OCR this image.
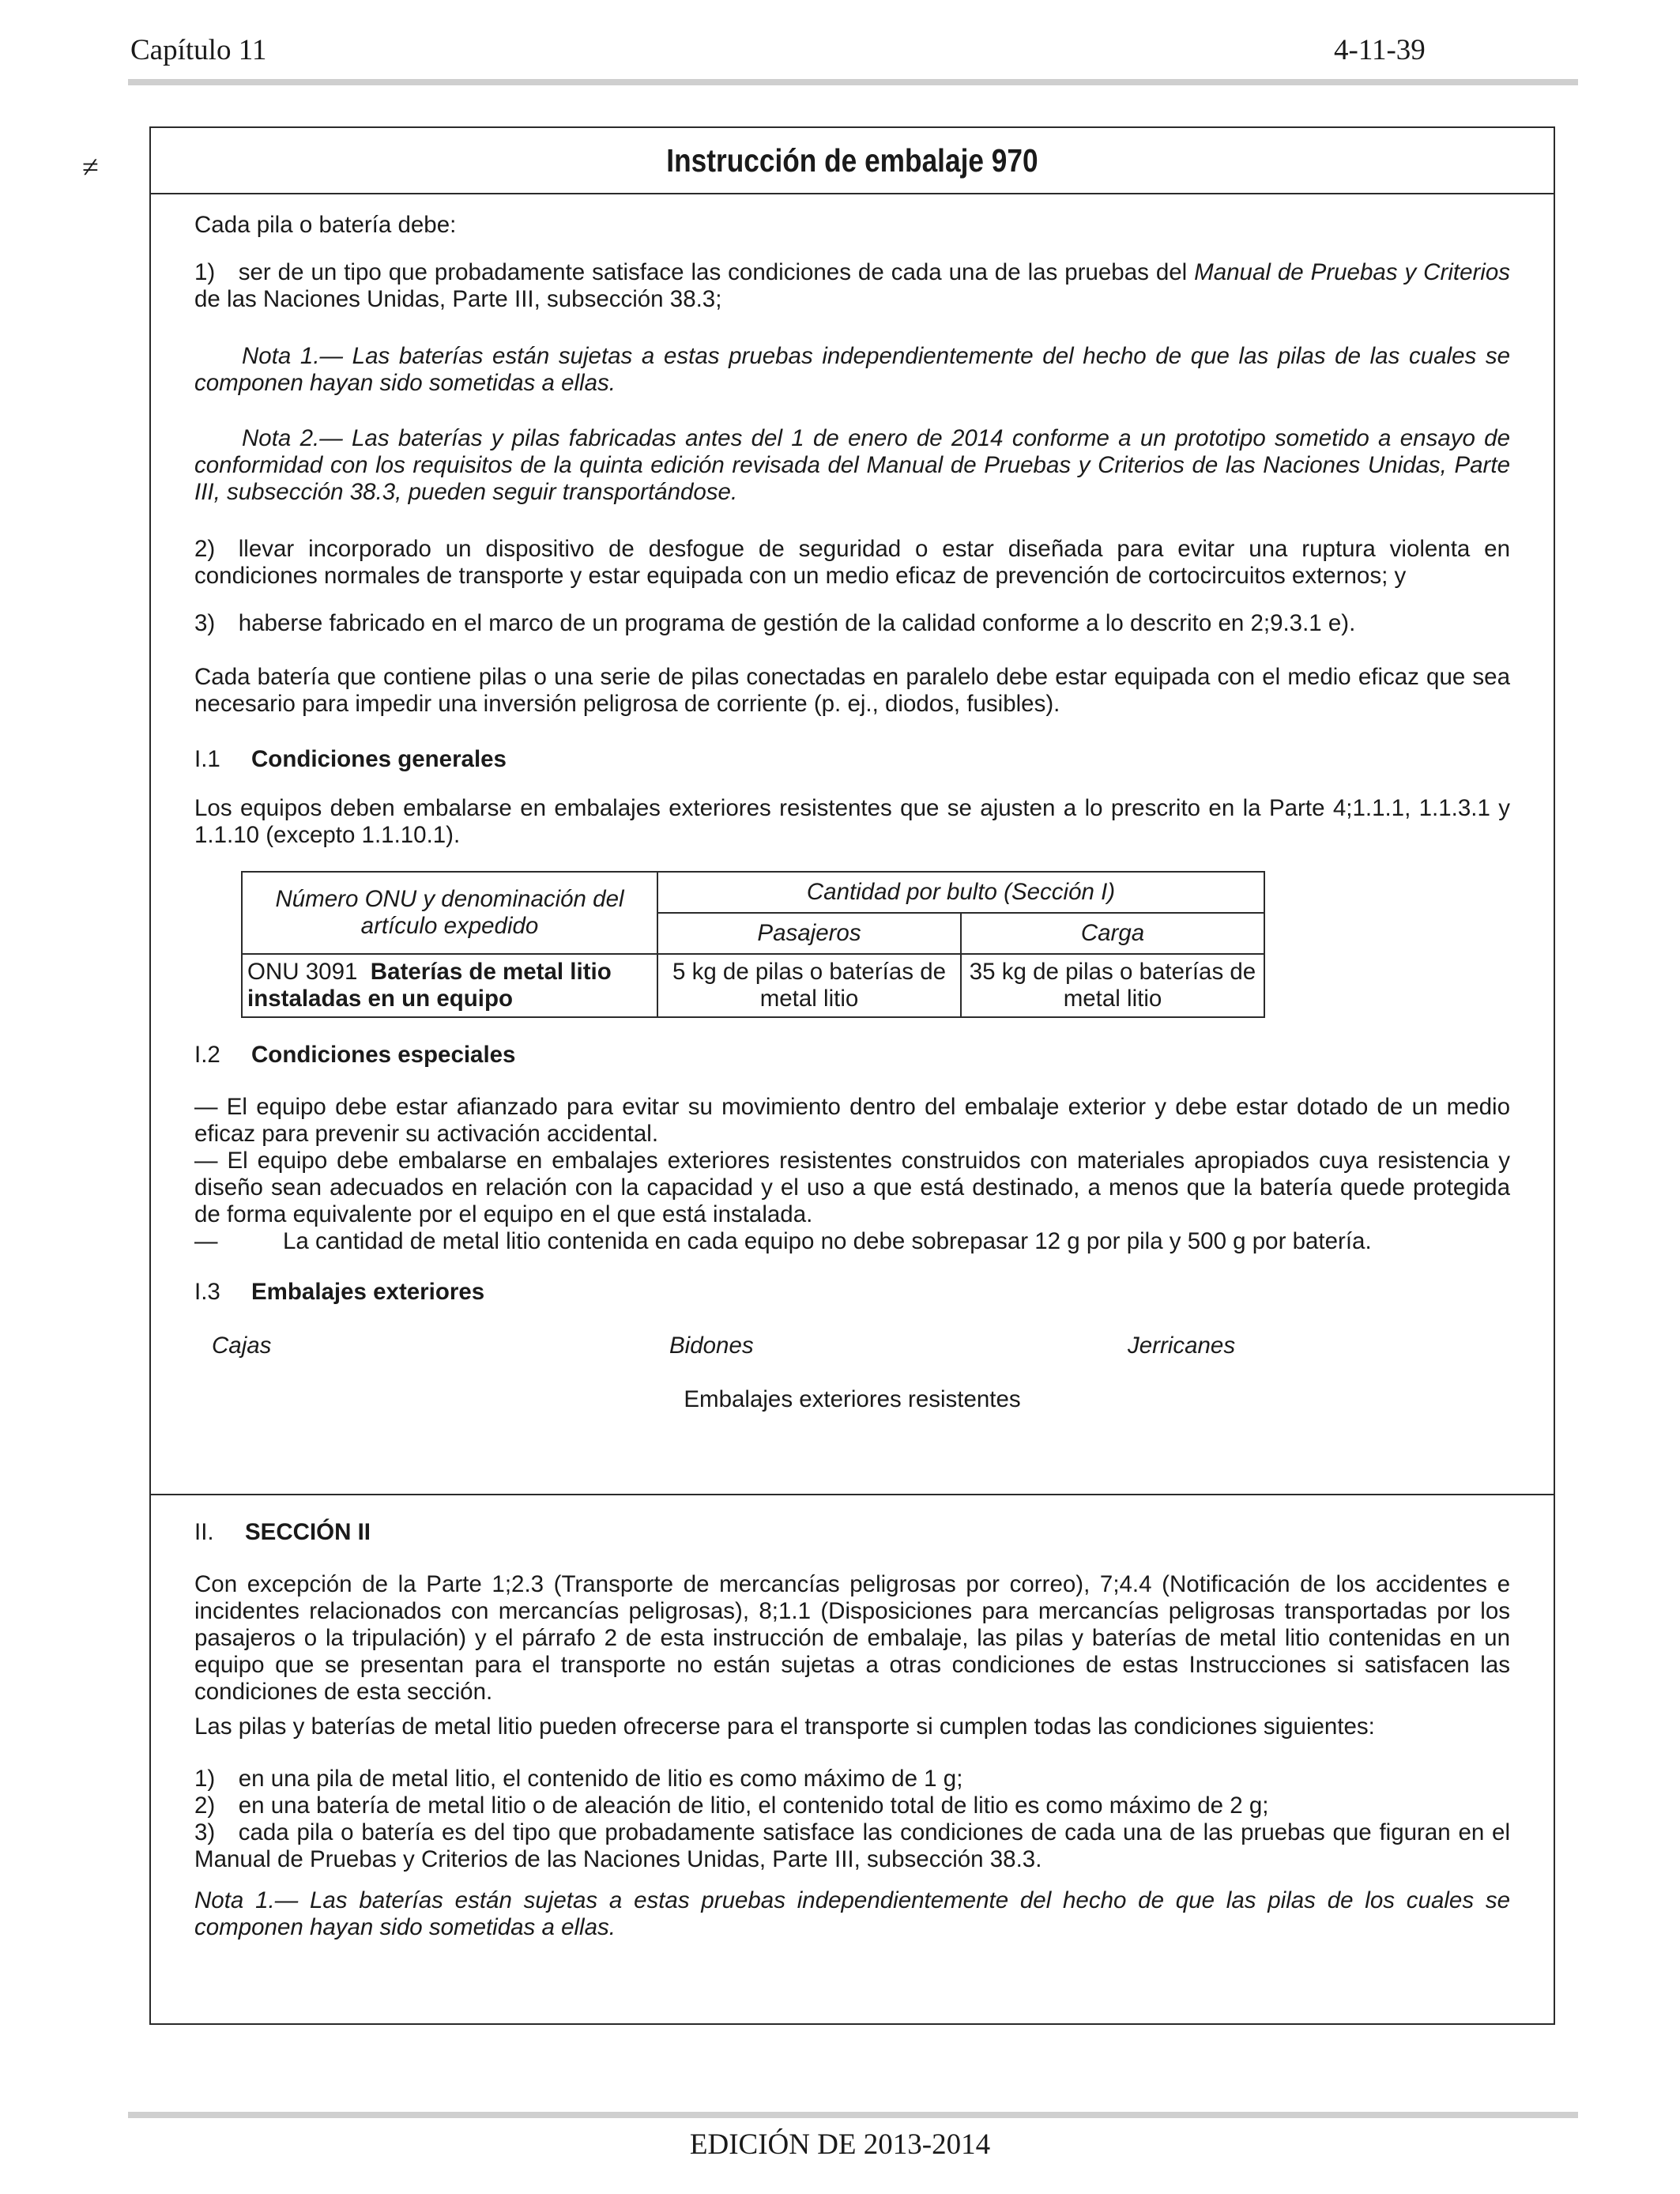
Capítulo 11	4-11-39
≠	Instrucción de embalaje 970

Cada pila o batería debe:

1) ser de un tipo que probadamente satisface las condiciones de cada una de las pruebas del Manual de Pruebas y Criterios de las Naciones Unidas, Parte III, subsección 38.3;

Nota 1.— Las baterías están sujetas a estas pruebas independientemente del hecho de que las pilas de las cuales se componen hayan sido sometidas a ellas.

Nota 2.— Las baterías y pilas fabricadas antes del 1 de enero de 2014 conforme a un prototipo sometido a ensayo de conformidad con los requisitos de la quinta edición revisada del Manual de Pruebas y Criterios de las Naciones Unidas, Parte III, subsección 38.3, pueden seguir transportándose.

2) llevar incorporado un dispositivo de desfogue de seguridad o estar diseñada para evitar una ruptura violenta en condiciones normales de transporte y estar equipada con un medio eficaz de prevención de cortocircuitos externos; y

3) haberse fabricado en el marco de un programa de gestión de la calidad conforme a lo descrito en 2;9.3.1 e).

Cada batería que contiene pilas o una serie de pilas conectadas en paralelo debe estar equipada con el medio eficaz que sea necesario para impedir una inversión peligrosa de corriente (p. ej., diodos, fusibles).

I.1 Condiciones generales

Los equipos deben embalarse en embalajes exteriores resistentes que se ajusten a lo prescrito en la Parte 4;1.1.1, 1.1.3.1 y 1.1.10 (excepto 1.1.10.1).

Número ONU y denominación del artículo expedido	Cantidad por bulto (Sección I)	
	Pasajeros	Carga
ONU 3091 Baterías de metal litio instaladas en un equipo	5 kg de pilas o baterías de metal litio	35 kg de pilas o baterías de metal litio

I.2 Condiciones especiales

— El equipo debe estar afianzado para evitar su movimiento dentro del embalaje exterior y debe estar dotado de un medio eficaz para prevenir su activación accidental.

— El equipo debe embalarse en embalajes exteriores resistentes construidos con materiales apropiados cuya resistencia y diseño sean adecuados en relación con la capacidad y el uso a que está destinado, a menos que la batería quede protegida de forma equivalente por el equipo en el que está instalada.

—	La cantidad de metal litio contenida en cada equipo no debe sobrepasar 12 g por pila y 500 g por batería.

I.3 Embalajes exteriores

Cajas	Bidones	Jerricanes

Embalajes exteriores resistentes

II. SECCIÓN II

Con excepción de la Parte 1;2.3 (Transporte de mercancías peligrosas por correo), 7;4.4 (Notificación de los accidentes e incidentes relacionados con mercancías peligrosas), 8;1.1 (Disposiciones para mercancías peligrosas transportadas por los pasajeros o la tripulación) y el párrafo 2 de esta instrucción de embalaje, las pilas y baterías de metal litio contenidas en un equipo que se presentan para el transporte no están sujetas a otras condiciones de estas Instrucciones si satisfacen las condiciones de esta sección.

Las pilas y baterías de metal litio pueden ofrecerse para el transporte si cumplen todas las condiciones siguientes:

1) en una pila de metal litio, el contenido de litio es como máximo de 1 g;

2) en una batería de metal litio o de aleación de litio, el contenido total de litio es como máximo de 2 g;

3) cada pila o batería es del tipo que probadamente satisface las condiciones de cada una de las pruebas que figuran en el Manual de Pruebas y Criterios de las Naciones Unidas, Parte III, subsección 38.3.

Nota 1.— Las baterías están sujetas a estas pruebas independientemente del hecho de que las pilas de los cuales se componen hayan sido sometidas a ellas.

EDICIÓN DE 2013-2014
